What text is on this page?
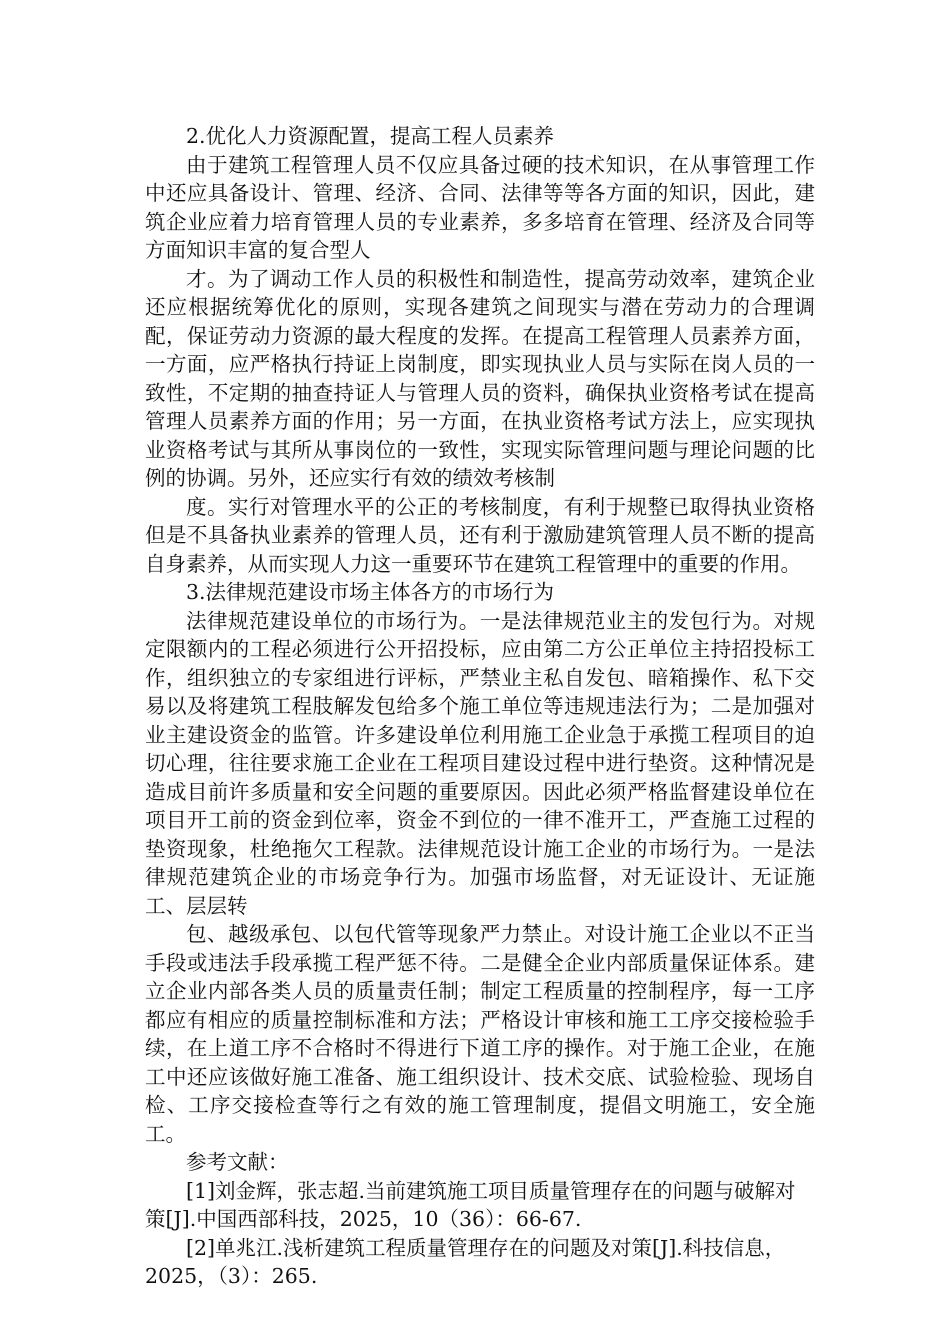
2.优化人力资源配置，提高工程人员素养

由于建筑工程管理人员不仅应具备过硬的技术知识，在从事管理工作中还应具备设计、管理、经济、合同、法律等等各方面的知识，因此，建筑企业应着力培育管理人员的专业素养，多多培育在管理、经济及合同等方面知识丰富的复合型人

才。为了调动工作人员的积极性和制造性，提高劳动效率，建筑企业还应根据统筹优化的原则，实现各建筑之间现实与潜在劳动力的合理调配，保证劳动力资源的最大程度的发挥。在提高工程管理人员素养方面，一方面，应严格执行持证上岗制度，即实现执业人员与实际在岗人员的一致性，不定期的抽查持证人与管理人员的资料，确保执业资格考试在提高管理人员素养方面的作用；另一方面，在执业资格考试方法上，应实现执业资格考试与其所从事岗位的一致性，实现实际管理问题与理论问题的比例的协调。另外，还应实行有效的绩效考核制

度。实行对管理水平的公正的考核制度，有利于规整已取得执业资格但是不具备执业素养的管理人员，还有利于激励建筑管理人员不断的提高自身素养，从而实现人力这一重要环节在建筑工程管理中的重要的作用。

3.法律规范建设市场主体各方的市场行为

法律规范建设单位的市场行为。一是法律规范业主的发包行为。对规定限额内的工程必须进行公开招投标，应由第二方公正单位主持招投标工作，组织独立的专家组进行评标，严禁业主私自发包、暗箱操作、私下交易以及将建筑工程肢解发包给多个施工单位等违规违法行为；二是加强对业主建设资金的监管。许多建设单位利用施工企业急于承揽工程项目的迫切心理，往往要求施工企业在工程项目建设过程中进行垫资。这种情况是造成目前许多质量和安全问题的重要原因。因此必须严格监督建设单位在项目开工前的资金到位率，资金不到位的一律不准开工，严查施工过程的垫资现象，杜绝拖欠工程款。法律规范设计施工企业的市场行为。一是法律规范建筑企业的市场竞争行为。加强市场监督，对无证设计、无证施工、层层转

包、越级承包、以包代管等现象严力禁止。对设计施工企业以不正当手段或违法手段承揽工程严惩不待。二是健全企业内部质量保证体系。建立企业内部各类人员的质量责任制；制定工程质量的控制程序，每一工序都应有相应的质量控制标准和方法；严格设计审核和施工工序交接检验手续，在上道工序不合格时不得进行下道工序的操作。对于施工企业，在施工中还应该做好施工准备、施工组织设计、技术交底、试验检验、现场自检、工序交接检查等行之有效的施工管理制度，提倡文明施工，安全施工。

参考文献：

[1]刘金辉，张志超.当前建筑施工项目质量管理存在的问题与破解对策[J].中国西部科技，2025，10（36）：66-67.

[2]单兆江.浅析建筑工程质量管理存在的问题及对策[J].科技信息，2025，（3）：265.
